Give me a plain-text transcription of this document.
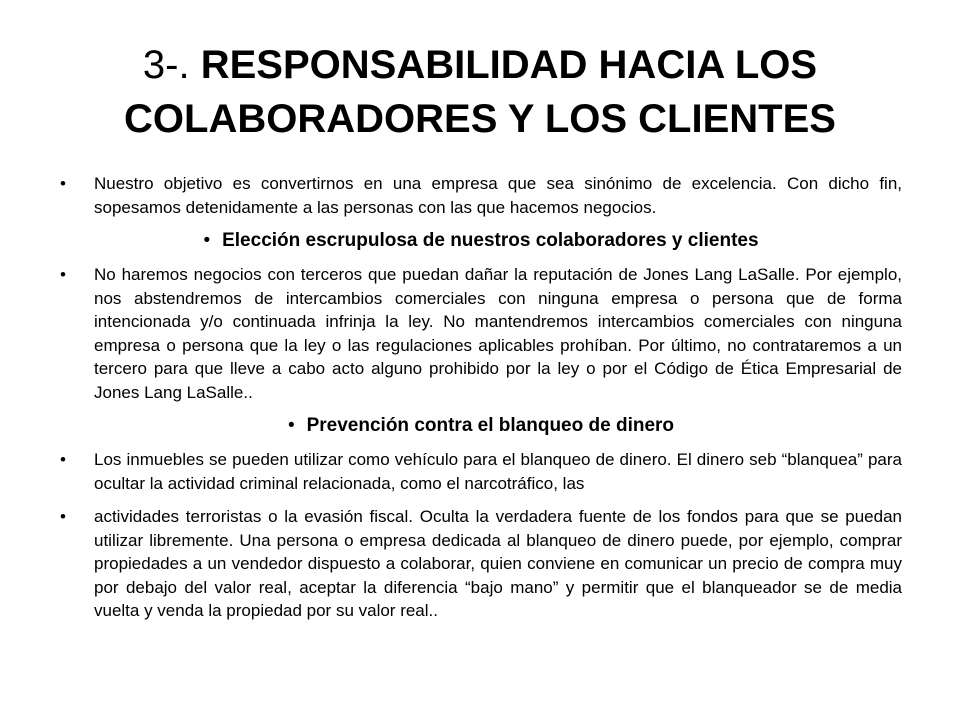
3-. RESPONSABILIDAD HACIA LOS COLABORADORES Y LOS CLIENTES
• Nuestro objetivo es convertirnos en una empresa que sea sinónimo de excelencia. Con dicho fin, sopesamos detenidamente a las personas con las que hacemos negocios.
• Elección escrupulosa de nuestros colaboradores y clientes
• No haremos negocios con terceros que puedan dañar la reputación de Jones Lang LaSalle. Por ejemplo, nos abstendremos de intercambios comerciales con ninguna empresa o persona que de forma intencionada y/o continuada infrinja la ley. No mantendremos intercambios comerciales con ninguna empresa o persona que la ley o las regulaciones aplicables prohíban. Por último, no contrataremos a un tercero para que lleve a cabo acto alguno prohibido por la ley o por el Código de Ética Empresarial de Jones Lang LaSalle..
• Prevención contra el blanqueo de dinero
• Los inmuebles se pueden utilizar como vehículo para el blanqueo de dinero. El dinero seb “blanquea” para ocultar la actividad criminal relacionada, como el narcotráfico, las
• actividades terroristas o la evasión fiscal. Oculta la verdadera fuente de los fondos para que se puedan utilizar libremente. Una persona o empresa dedicada al blanqueo de dinero puede, por ejemplo, comprar propiedades a un vendedor dispuesto a colaborar, quien conviene en comunicar un precio de compra muy por debajo del valor real, aceptar la diferencia “bajo mano” y permitir que el blanqueador se de media vuelta y venda la propiedad por su valor real..
